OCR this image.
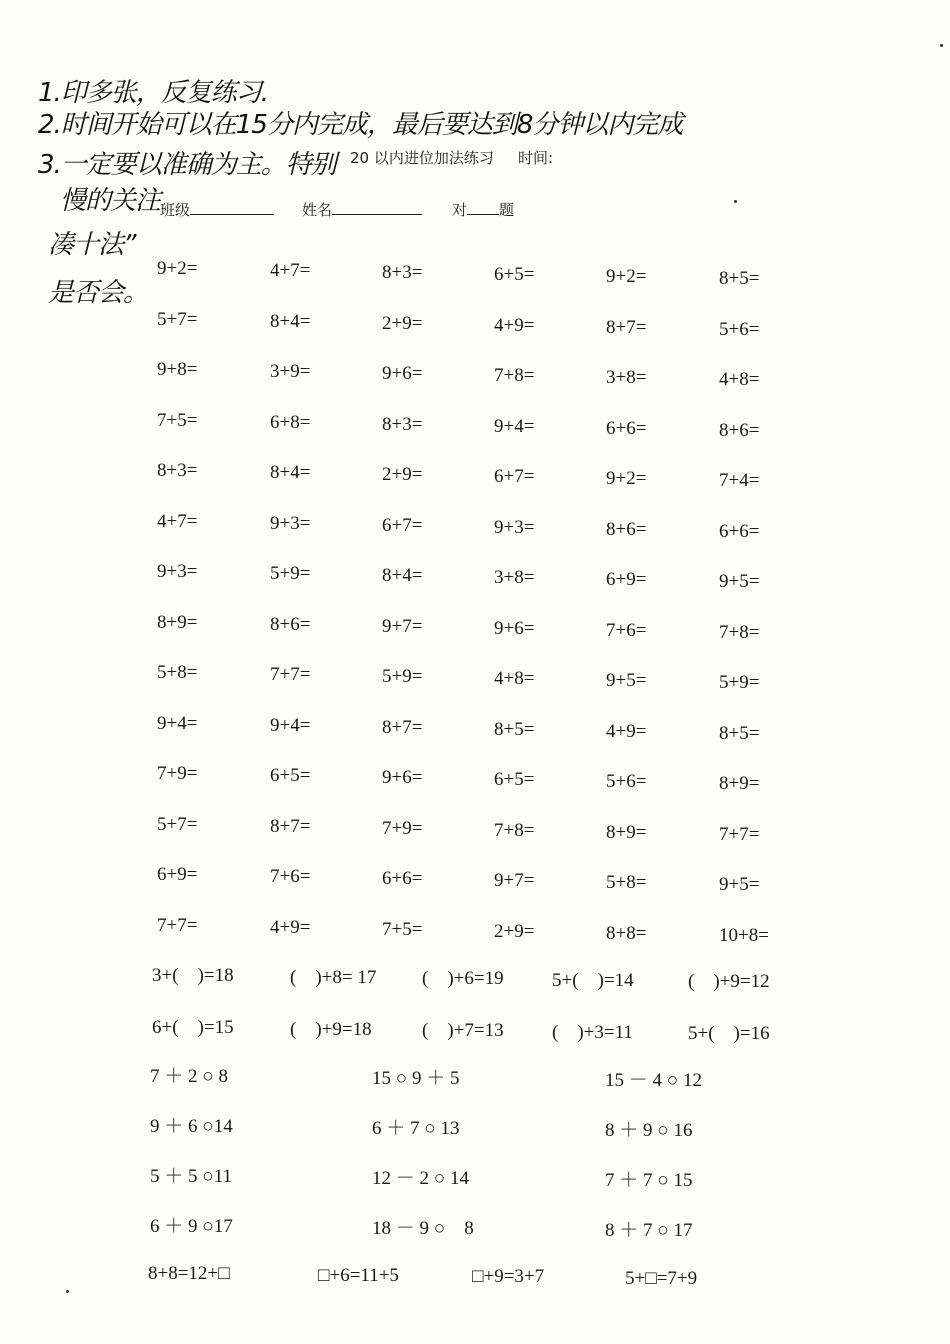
1.印多张，反复练习.
2.时间开始可以在15分内完成，最后要达到8分钟以内完成
3.一定要以准确为主。特别
慢的关注
凑十法”
是否会。
20 以内进位加法练习 时间:
班级	姓名	对 题
9+2=	4+7=	8+3=	6+5=	9+2=	8+5=
5+7=	8+4=	2+9=	4+9=	8+7=	5+6=
9+8=	3+9=	9+6=	7+8=	3+8=	4+8=
7+5=	6+8=	8+3=	9+4=	6+6=	8+6=
8+3=	8+4=	2+9=	6+7=	9+2=	7+4=
4+7=	9+3=	6+7=	9+3=	8+6=	6+6=
9+3=	5+9=	8+4=	3+8=	6+9=	9+5=
8+9=	8+6=	9+7=	9+6=	7+6=	7+8=
5+8=	7+7=	5+9=	4+8=	9+5=	5+9=
9+4=	9+4=	8+7=	8+5=	4+9=	8+5=
7+9=	6+5=	9+6=	6+5=	5+6=	8+9=
5+7=	8+7=	7+9=	7+8=	8+9=	7+7=
6+9=	7+6=	6+6=	9+7=	5+8=	9+5=
7+7=	4+9=	7+5=	2+9=	8+8=	10+8=
3+(　)=18	(　)+8= 17 (　)+6=19	5+(　)=14	(　)+9=12
6+(　)=15	(　)+9=18	(　)+7=13	(　)+3=11	5+(　)=16
7 ＋ 2 ○ 8	15 ○ 9 ＋ 5	15 － 4 ○ 12
9 ＋ 6 ○14	6 ＋ 7 ○ 13	8 ＋ 9 ○ 16
5 ＋ 5 ○11	12 － 2 ○ 14	7 ＋ 7 ○ 15
6 ＋ 9 ○17	18 － 9 ○　8	8 ＋ 7 ○ 17
8+8=12+□	□+6=11+5	□+9=3+7	5+□=7+9
